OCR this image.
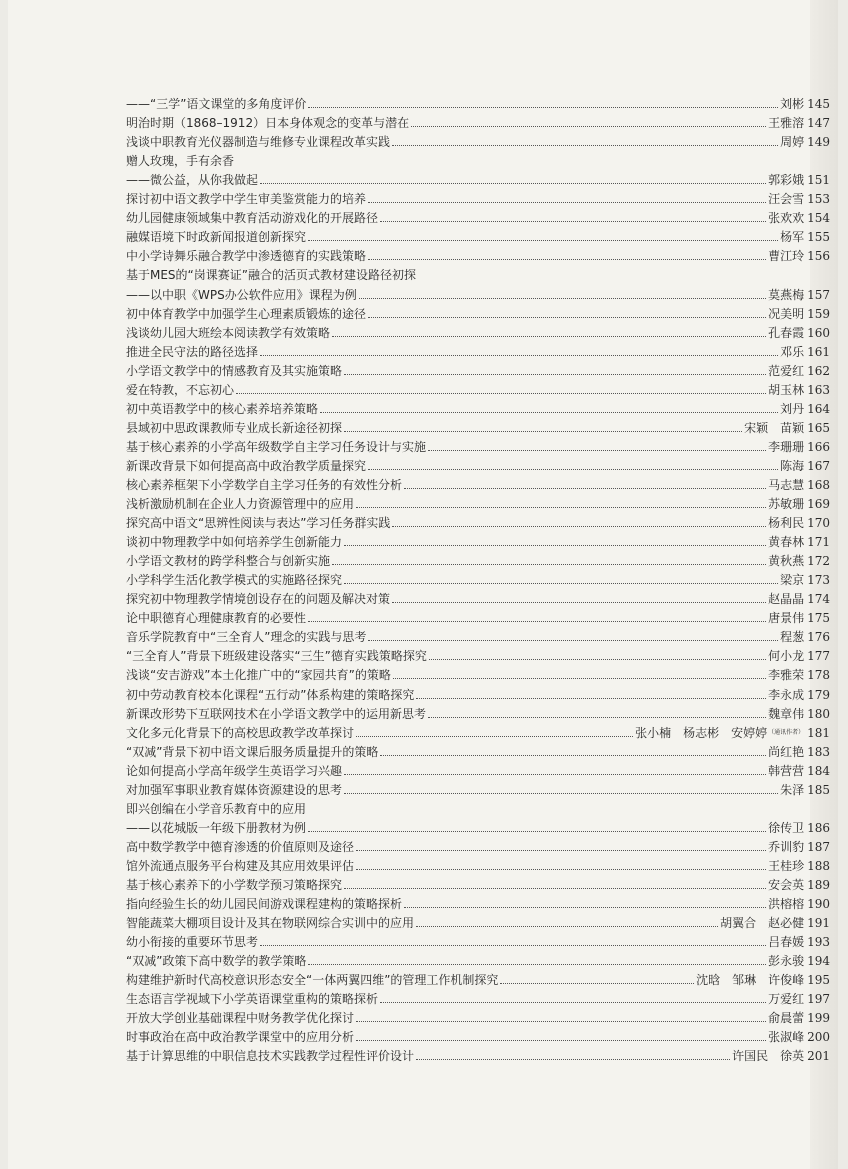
——“三学”语文课堂的多角度评价	刘彬 145
明治时期（1868–1912）日本身体观念的变革与潜在	王雅溶 147
浅谈中职教育光仪器制造与维修专业课程改革实践	周婷 149
赠人玫瑰，手有余香
——微公益，从你我做起	郭彩娥 151
探讨初中语文教学中学生审美鉴赏能力的培养	汪会雪 153
幼儿园健康领域集中教育活动游戏化的开展路径	张欢欢 154
融媒语境下时政新闻报道创新探究	杨军 155
中小学诗舞乐融合教学中渗透德育的实践策略	曹江玲 156
基于MES的“岗课赛证”融合的活页式教材建设路径初探
——以中职《WPS办公软件应用》课程为例	莫燕梅 157
初中体育教学中加强学生心理素质锻炼的途径	况美明 159
浅谈幼儿园大班绘本阅读教学有效策略	孔春霞 160
推进全民守法的路径选择	邓乐 161
小学语文教学中的情感教育及其实施策略	范爱红 162
爱在特教，不忘初心	胡玉林 163
初中英语教学中的核心素养培养策略	刘丹 164
县域初中思政课教师专业成长新途径初探	宋颖　苗颖 165
基于核心素养的小学高年级数学自主学习任务设计与实施	李珊珊 166
新课改背景下如何提高高中政治教学质量探究	陈海 167
核心素养框架下小学数学自主学习任务的有效性分析	马志慧 168
浅析激励机制在企业人力资源管理中的应用	苏敏珊 169
探究高中语文“思辨性阅读与表达”学习任务群实践	杨利民 170
谈初中物理教学中如何培养学生创新能力	黄春林 171
小学语文教材的跨学科整合与创新实施	黄秋燕 172
小学科学生活化教学模式的实施路径探究	梁京 173
探究初中物理教学情境创设存在的问题及解决对策	赵晶晶 174
论中职德育心理健康教育的必要性	唐景伟 175
音乐学院教育中“三全育人”理念的实践与思考	程葱 176
“三全育人”背景下班级建设落实“三生”德育实践策略探究	何小龙 177
浅谈“安吉游戏”本土化推广中的“家园共育”的策略	李雅荣 178
初中劳动教育校本化课程“五行动”体系构建的策略探究	李永成 179
新课改形势下互联网技术在小学语文教学中的运用新思考	魏章伟 180
文化多元化背景下的高校思政教学改革探讨	张小楠　杨志彬　安婷婷 （通讯作者） 181
“双减”背景下初中语文课后服务质量提升的策略	尚红艳 183
论如何提高小学高年级学生英语学习兴趣	韩营营 184
对加强军事职业教育媒体资源建设的思考	朱泽 185
即兴创编在小学音乐教育中的应用
——以花城版一年级下册教材为例	徐传卫 186
高中数学教学中德育渗透的价值原则及途径	乔训豹 187
馆外流通点服务平台构建及其应用效果评估	王桂珍 188
基于核心素养下的小学数学预习策略探究	安会英 189
指向经验生长的幼儿园民间游戏课程建构的策略探析	洪榕榕 190
智能蔬菜大棚项目设计及其在物联网综合实训中的应用	胡翼合　赵必健 191
幼小衔接的重要环节思考	吕春媛 193
“双减”政策下高中数学的教学策略	彭永骏 194
构建维护新时代高校意识形态安全“一体两翼四维”的管理工作机制探究	沈晗　邹琳　许俊峰 195
生态语言学视域下小学英语课堂重构的策略探析	万爱红 197
开放大学创业基础课程中财务教学优化探讨	俞晨蕾 199
时事政治在高中政治教学课堂中的应用分析	张淑峰 200
基于计算思维的中职信息技术实践教学过程性评价设计	许国民　徐英 201
